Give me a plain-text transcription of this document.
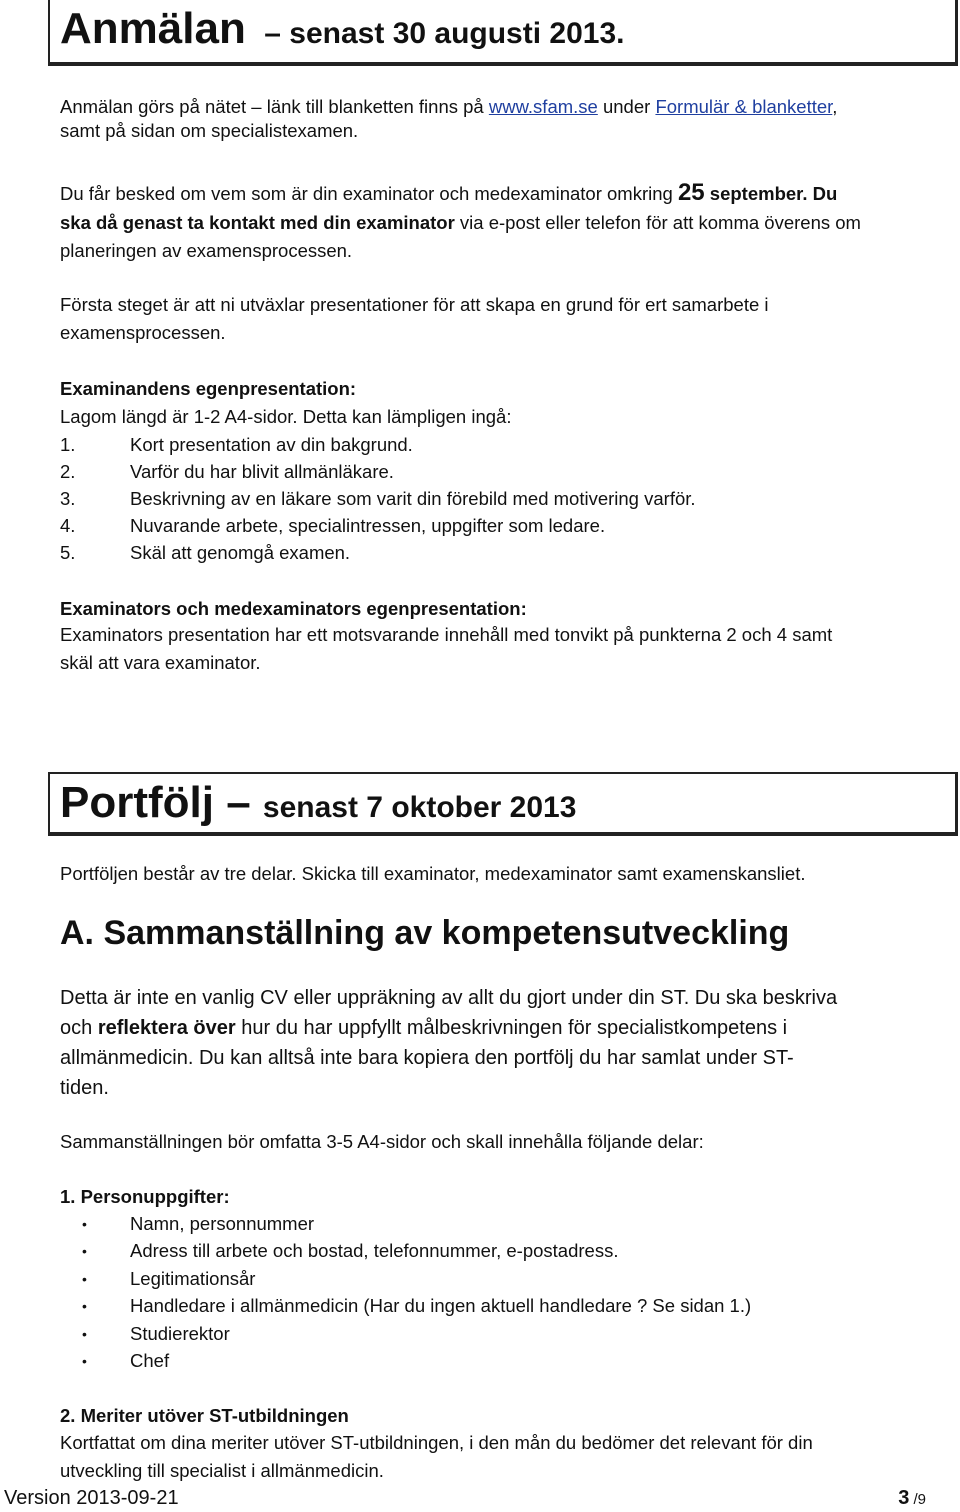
Anmälan – senast 30 augusti 2013.
Anmälan görs på nätet – länk till blanketten finns på www.sfam.se under Formulär & blanketter,
samt på sidan om specialistexamen.
Du får besked om vem som är din examinator och medexaminator omkring 25 september. Du
ska då genast ta kontakt med din examinator via e-post eller telefon för att komma överens om
planeringen av examensprocessen.
Första steget är att ni utväxlar presentationer för att skapa en grund för ert samarbete i
examensprocessen.
Examinandens egenpresentation:
Lagom längd är 1-2 A4-sidor. Detta kan lämpligen ingå:
1.	Kort presentation av din bakgrund.
2.	Varför du har blivit allmänläkare.
3.	Beskrivning av en läkare som varit din förebild med motivering varför.
4.	Nuvarande arbete, specialintressen, uppgifter som ledare.
5.	Skäl att genomgå examen.
Examinators och medexaminators egenpresentation:
Examinators presentation har ett motsvarande innehåll med tonvikt på punkterna 2 och 4 samt
skäl att vara examinator.
Portfölj – senast 7 oktober 2013
Portföljen består av tre delar. Skicka till examinator, medexaminator samt examenskansliet.
A. Sammanställning av kompetensutveckling
Detta är inte en vanlig CV eller uppräkning av allt du gjort under din ST. Du ska beskriva
och reflektera över hur du har uppfyllt målbeskrivningen för specialistkompetens i
allmänmedicin. Du kan alltså inte bara kopiera den portfölj du har samlat under ST-
tiden.
Sammanställningen bör omfatta 3-5 A4-sidor och skall innehålla följande delar:
1. Personuppgifter:
• Namn, personnummer
• Adress till arbete och bostad, telefonnummer, e-postadress.
• Legitimationsår
• Handledare i allmänmedicin (Har du ingen aktuell handledare ? Se sidan 1.)
• Studierektor
• Chef
2. Meriter utöver ST-utbildningen
Kortfattat om dina meriter utöver ST-utbildningen, i den mån du bedömer det relevant för din
utveckling till specialist i allmänmedicin.
Version 2013-09-21	3 /9
